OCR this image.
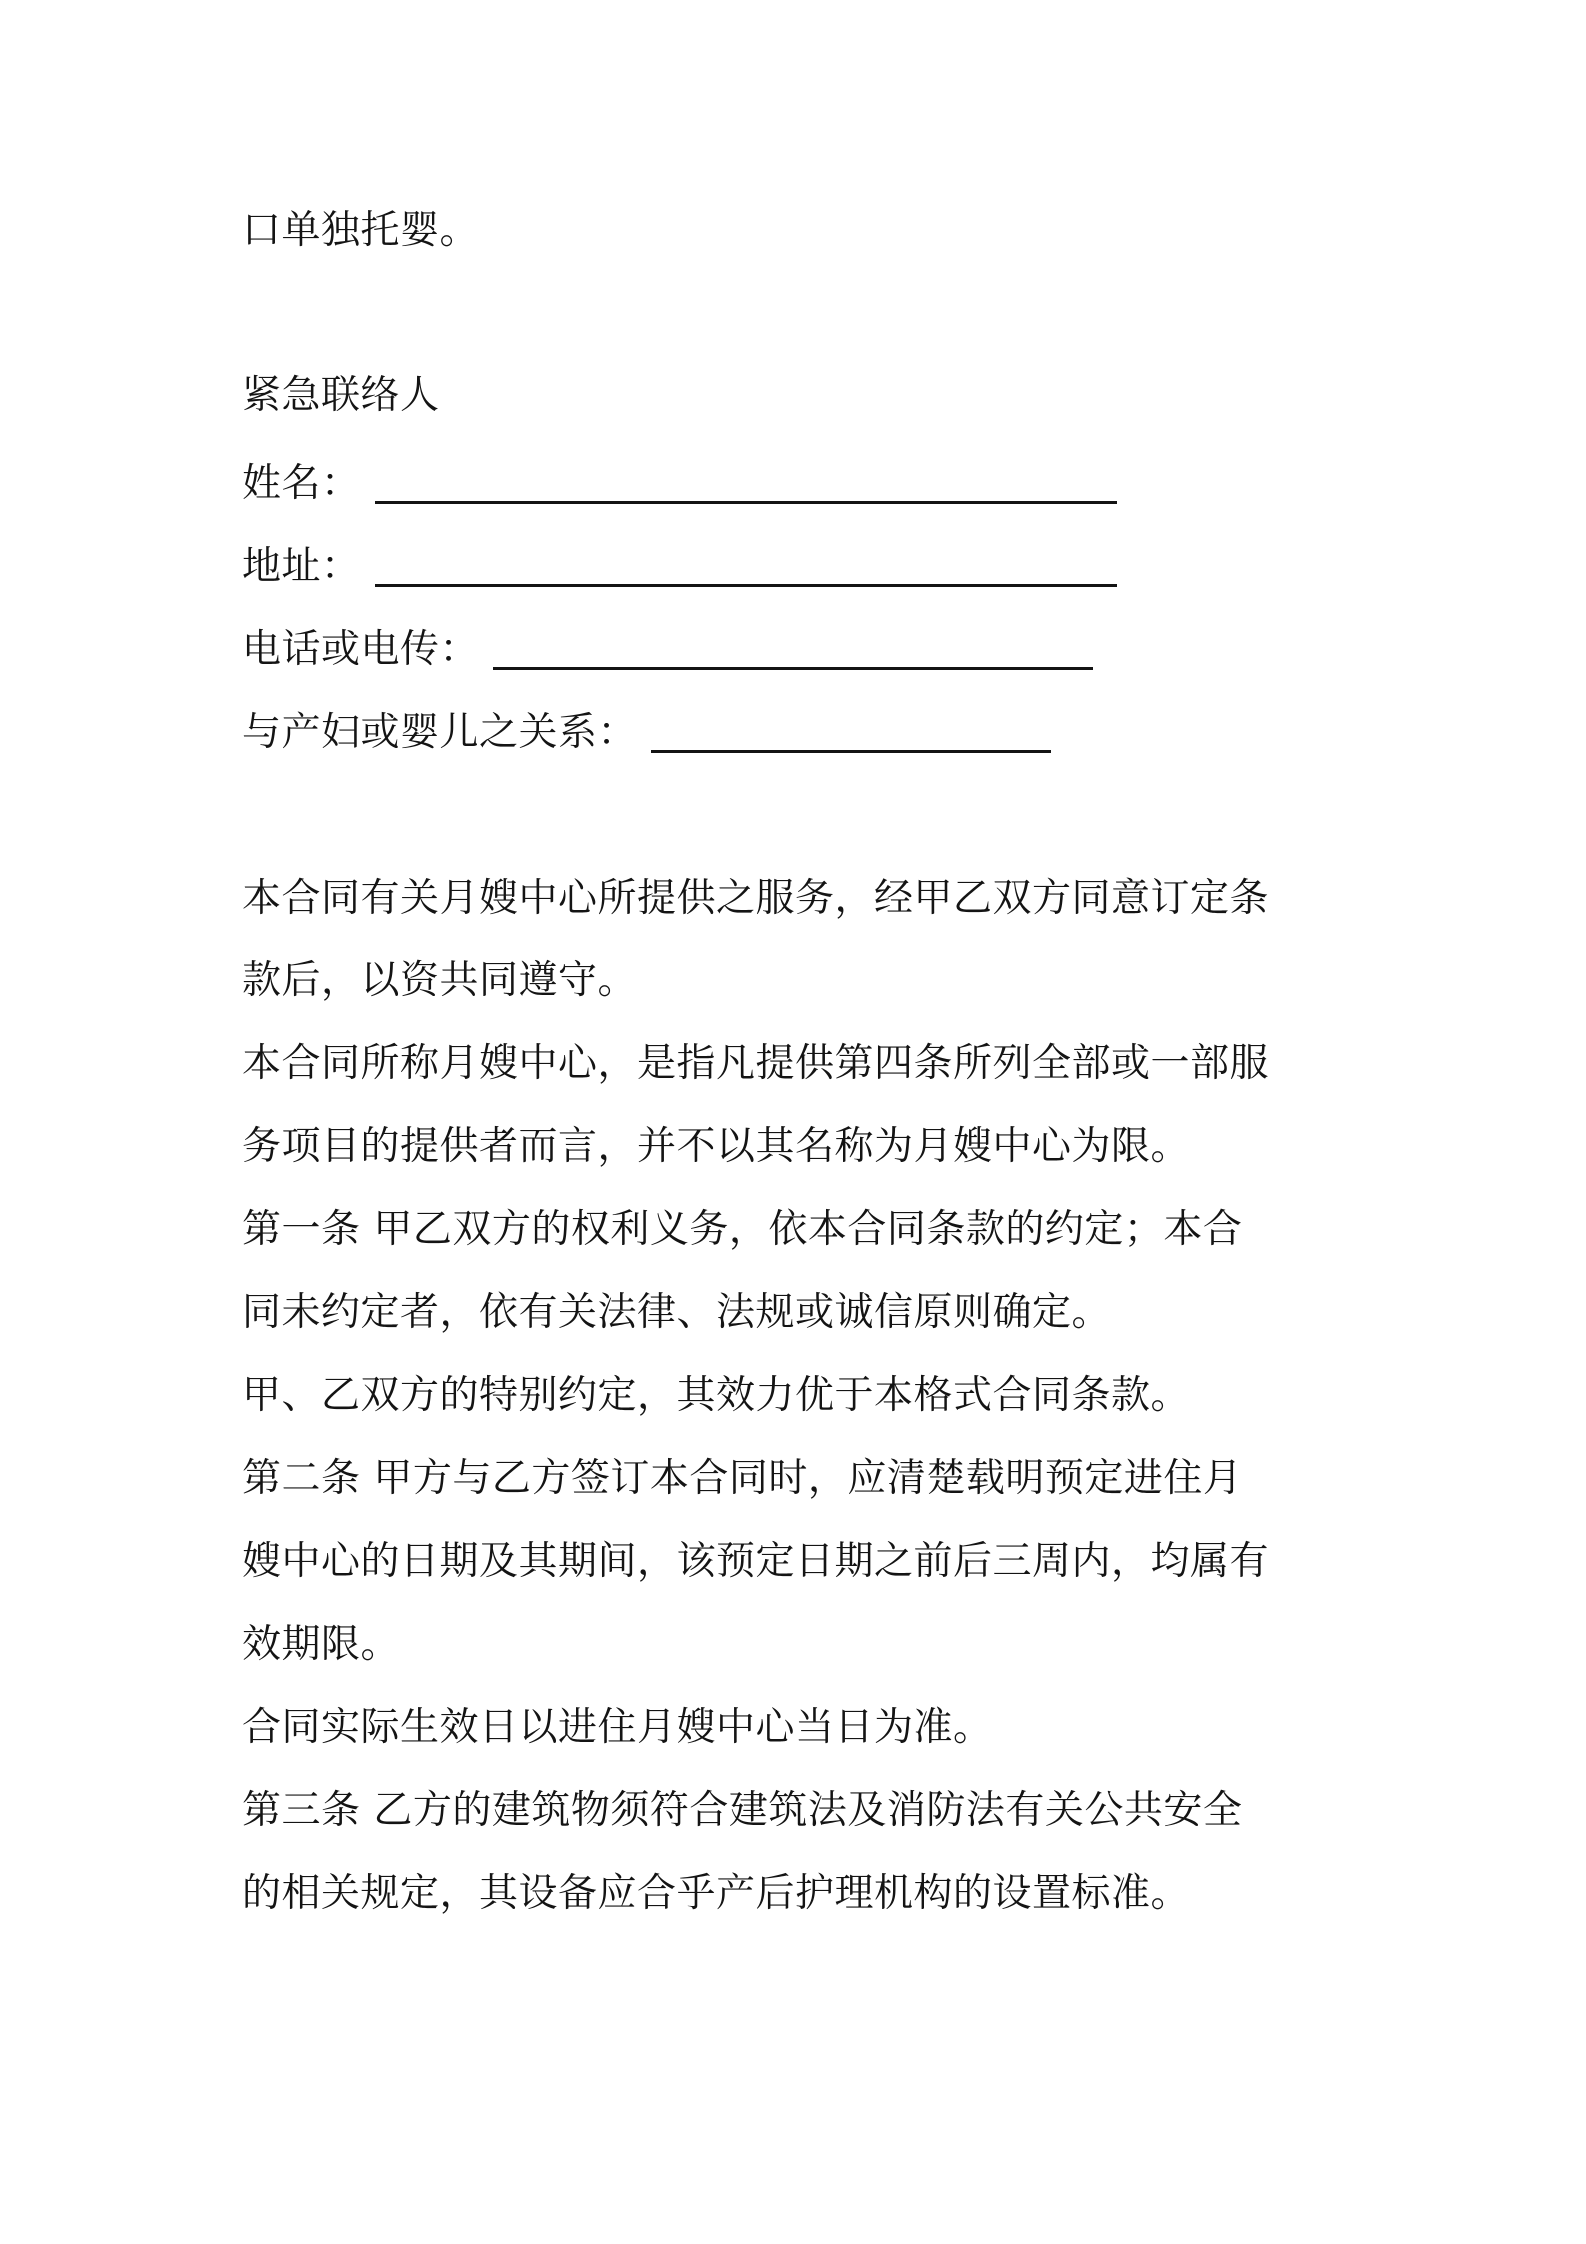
口单独托婴。
紧急联络人
姓名：
地址：
电话或电传：
与产妇或婴儿之关系：
本合同有关月嫂中心所提供之服务，经甲乙双方同意订定条
款后，以资共同遵守。
本合同所称月嫂中心，是指凡提供第四条所列全部或一部服
务项目的提供者而言，并不以其名称为月嫂中心为限。
第一条 甲乙双方的权利义务，依本合同条款的约定；本合
同未约定者，依有关法律、法规或诚信原则确定。
甲、乙双方的特别约定，其效力优于本格式合同条款。
第二条 甲方与乙方签订本合同时，应清楚载明预定进住月
嫂中心的日期及其期间，该预定日期之前后三周内，均属有
效期限。
合同实际生效日以进住月嫂中心当日为准。
第三条 乙方的建筑物须符合建筑法及消防法有关公共安全
的相关规定，其设备应合乎产后护理机构的设置标准。
